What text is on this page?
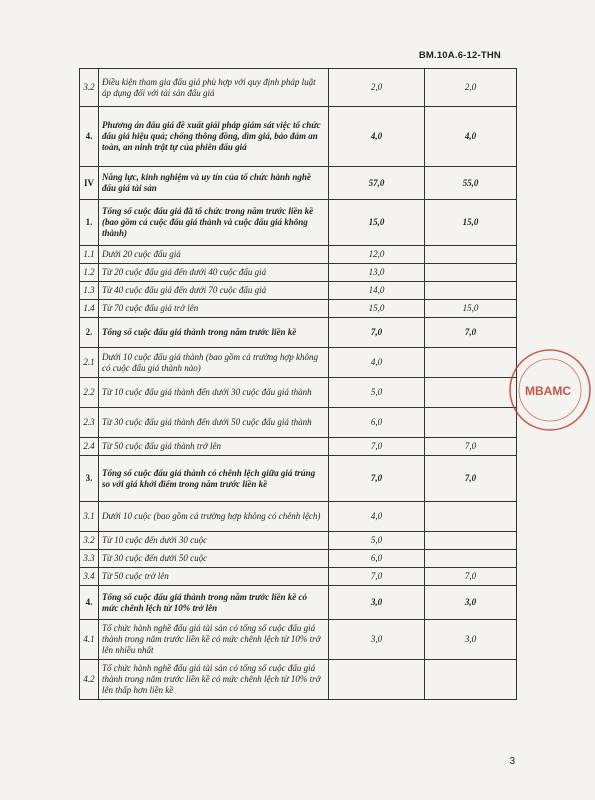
BM.10A.6-12-THN
3.2	Điều kiện tham gia đấu giá phù hợp với quy định pháp luật áp dụng đối với tài sản đấu giá	2,0	2,0
4.	Phương án đấu giá đề xuất giải pháp giám sát việc tổ chức đấu giá hiệu quả; chống thông đồng, dìm giá, bảo đảm an toàn, an ninh trật tự của phiên đấu giá	4,0	4,0
IV	Năng lực, kinh nghiệm và uy tín của tổ chức hành nghề đấu giá tài sản	57,0	55,0
1.	Tổng số cuộc đấu giá đã tổ chức trong năm trước liền kề (bao gồm cả cuộc đấu giá thành và cuộc đấu giá không thành)	15,0	15,0
1.1	Dưới 20 cuộc đấu giá	12,0	
1.2	Từ 20 cuộc đấu giá đến dưới 40 cuộc đấu giá	13,0	
1.3	Từ 40 cuộc đấu giá đến dưới 70 cuộc đấu giá	14,0	
1.4	Từ 70 cuộc đấu giá trở lên	15,0	15,0
2.	Tổng số cuộc đấu giá thành trong năm trước liền kề	7,0	7,0
2.1	Dưới 10 cuộc đấu giá thành (bao gồm cả trường hợp không có cuộc đấu giá thành nào)	4,0	
2.2	Từ 10 cuộc đấu giá thành đến dưới 30 cuộc đấu giá thành	5,0	
2.3	Từ 30 cuộc đấu giá thành đến dưới 50 cuộc đấu giá thành	6,0	
2.4	Từ 50 cuộc đấu giá thành trở lên	7,0	7,0
3.	Tổng số cuộc đấu giá thành có chênh lệch giữa giá trúng so với giá khởi điểm trong năm trước liền kề	7,0	7,0
3.1	Dưới 10 cuộc (bao gồm cả trường hợp không có chênh lệch)	4,0	
3.2	Từ 10 cuộc đến dưới 30 cuộc	5,0	
3.3	Từ 30 cuộc đến dưới 50 cuộc	6,0	
3.4	Từ 50 cuộc trở lên	7,0	7,0
4.	Tổng số cuộc đấu giá thành trong năm trước liền kề có mức chênh lệch từ 10% trở lên	3,0	3,0
4.1	Tổ chức hành nghề đấu giá tài sản có tổng số cuộc đấu giá thành trong năm trước liền kề có mức chênh lệch từ 10% trở lên nhiều nhất	3,0	3,0
4.2	Tổ chức hành nghề đấu giá tài sản có tổng số cuộc đấu giá thành trong năm trước liền kề có mức chênh lệch từ 10% trở lên thấp hơn liền kề		
MBAMC
3
